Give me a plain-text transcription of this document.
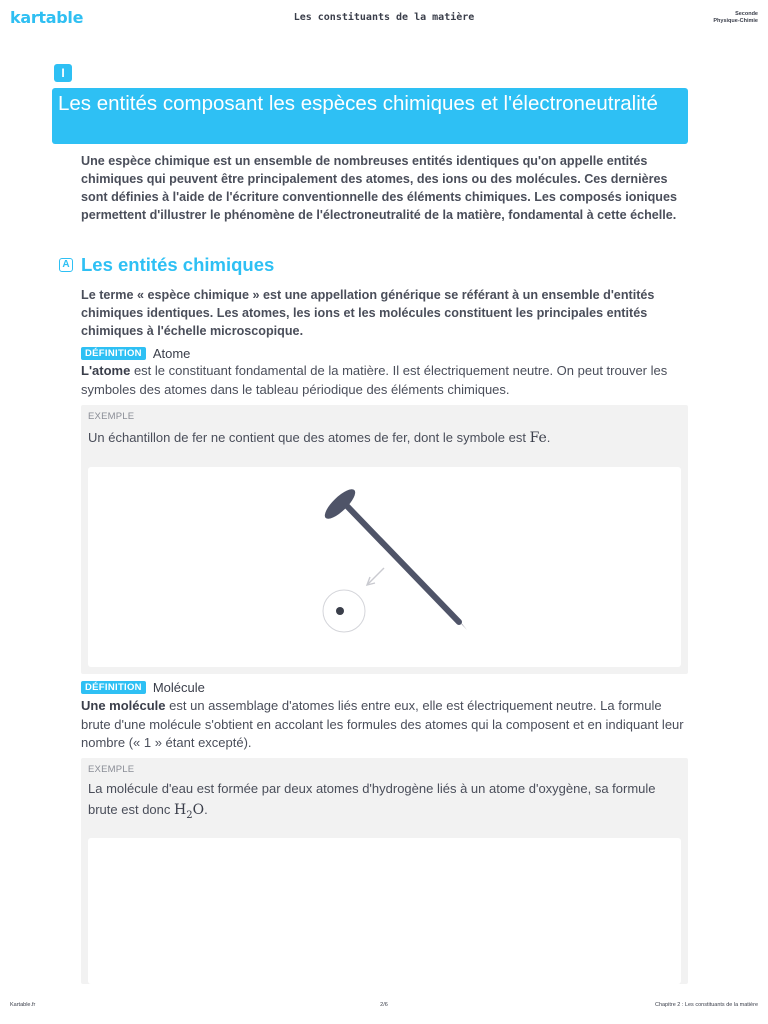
kartable	Les constituants de la matière	Seconde
Physique-Chimie
I
Les entités composant les espèces chimiques et l'électroneutralité
Une espèce chimique est un ensemble de nombreuses entités identiques qu'on appelle entités chimiques qui peuvent être principalement des atomes, des ions ou des molécules. Ces dernières sont définies à l'aide de l'écriture conventionnelle des éléments chimiques. Les composés ioniques permettent d'illustrer le phénomène de l'électroneutralité de la matière, fondamental à cette échelle.
A Les entités chimiques
Le terme « espèce chimique » est une appellation générique se référant à un ensemble d'entités chimiques identiques. Les atomes, les ions et les molécules constituent les principales entités chimiques à l'échelle microscopique.
DÉFINITION Atome
L'atome est le constituant fondamental de la matière. Il est électriquement neutre. On peut trouver les symboles des atomes dans le tableau périodique des éléments chimiques.
EXEMPLE
Un échantillon de fer ne contient que des atomes de fer, dont le symbole est Fe.
DÉFINITION Molécule
Une molécule est un assemblage d'atomes liés entre eux, elle est électriquement neutre. La formule brute d'une molécule s'obtient en accolant les formules des atomes qui la composent et en indiquant leur nombre (« 1 » étant excepté).
EXEMPLE
La molécule d'eau est formée par deux atomes d'hydrogène liés à un atome d'oxygène, sa formule brute est donc $H_2O$.
Kartable.fr	2/6	Chapitre 2 : Les constituants de la matière
